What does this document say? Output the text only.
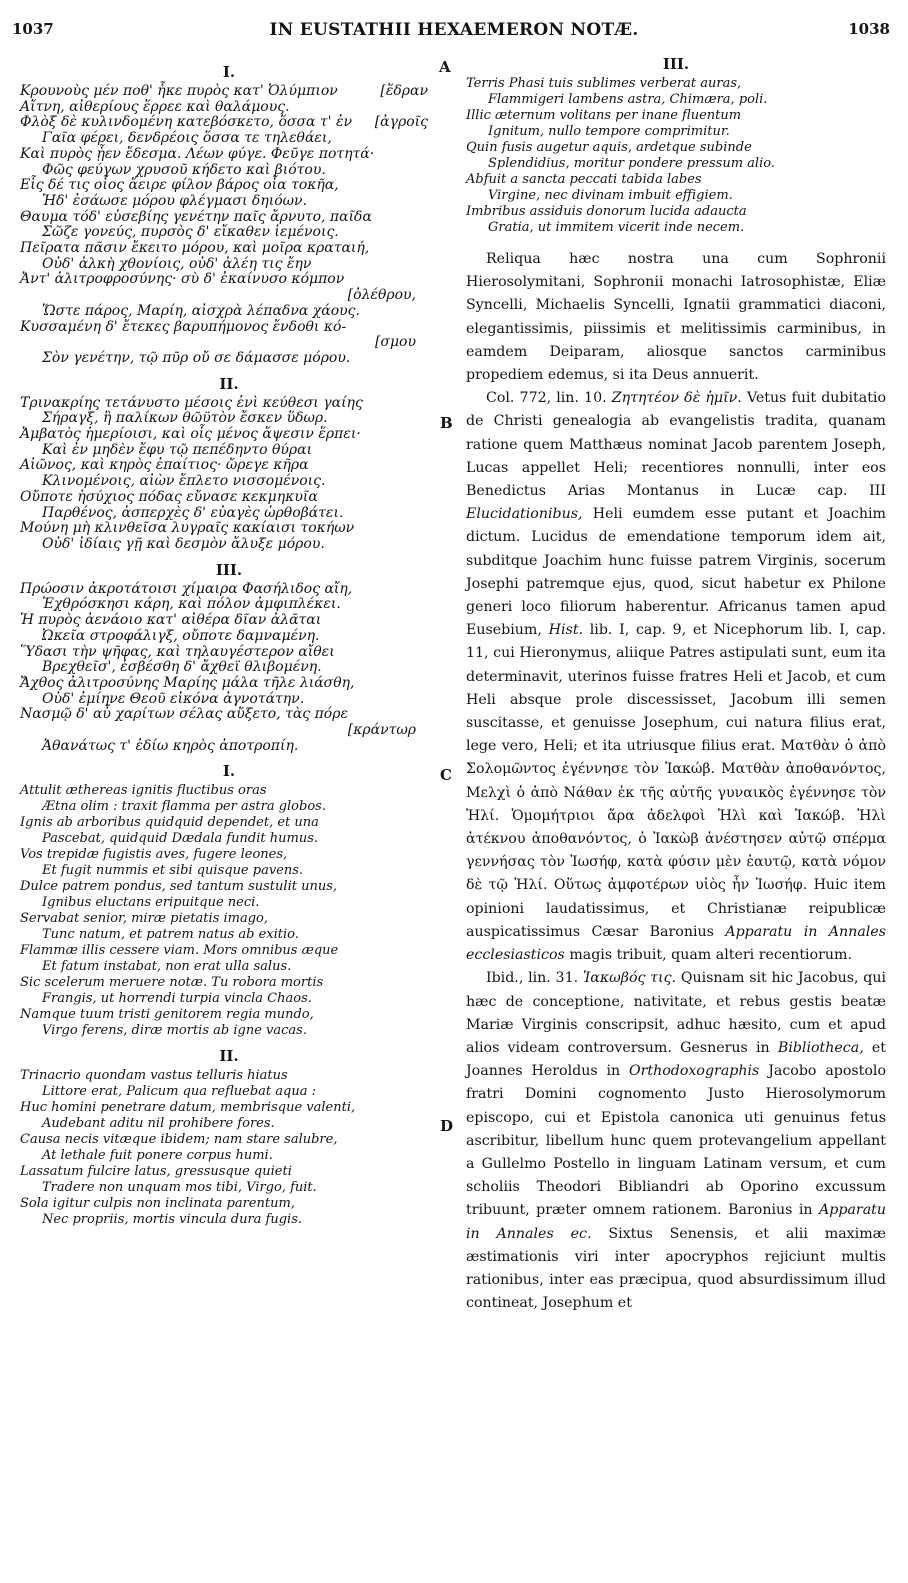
1037	IN EUSTATHII HEXAEMERON NOTÆ.	1038
A
B
C
D
I.
Κρουνοὺς μέν ποθ' ἧκε πυρὸς κατ' Ὀλύμπιον	[ἕδραν
Αἴτνη, αἰθερίους ἕρρεε καὶ θαλάμους.
Φλὸξ δὲ κυλινδομένη κατεβόσκετο, ὅσσα τ' ἐν [ἀγροῖς
Γαῖα φέρει, δενδρέοις ὅσσα τε τηλεθάει,
Καὶ πυρὸς ᾖεν ἔδεσμα. Λέων φύγε. Φεῦγε ποτητά·
Φῶς φεύγων χρυσοῦ κήδετο καὶ βιότου.
Εἷς δέ τις οἷος ἄειρε φίλον βάρος οἷα τοκῆα,
Ἠδ' ἐσάωσε μόρου φλέγμασι δηιόων.
Θαυμα τόδ' εὐσεβίης γενέτην παῖς ἄρνυτο, παῖδα
Σῶζε γονεύς, πυρσὸς δ' εἴκαθεν ἱεμένοις.
Πεῖρατα πᾶσιν ἔκειτο μόρου, καὶ μοῖρα κραταιή,
Οὐδ' ἀλκὴ χθονίοις, οὐδ' ἀλέη τις ἔην
Ἀντ' ἀλιτροφροσύνης· σὺ δ' ἐκαίνυσο κόμπον
[ὀλέθρου,
Ὥστε πάρος, Μαρίη, αἰσχρὰ λέπαδνα χάους.
Κυσσαμένη δ' ἔτεκες βαρυπήμονος ἔνδοθι κό-
[σμου
Σὸν γενέτην, τῷ πῦρ οὔ σε δάμασσε μόρου.
II.
Τρινακρίης τετάνυστο μέσοις ἐνὶ κεύθεσι γαίης
Σήραγξ, ἣ παλίκων θῶϋτὸν ἔσκεν ὕδωρ.
Ἀμβατὸς ἡμερίοισι, καὶ οἷς μένος ἄψεσιν ἕρπει·
Καὶ ἐν μηδὲν ἔφυ τῷ πεπέδηντο θύραι
Αἰῶνος, καὶ κηρὸς ἐπαίτιος· ὤρεγε κῆρα
Κλινομένοις, αἰὼν ἔπλετο νισσομένοις.
Οὔποτε ἡσύχιος πόδας εὔνασε κεκμηκυῖα
Παρθένος, ἀσπερχὲς δ' εὐαγὲς ὠρθοβάτει.
Μούνη μὴ κλινθεῖσα λυγραῖς κακίαισι τοκήων
Οὐδ' ἰδίαις γῇ καὶ δεσμὸν ἄλυξε μόρου.
III.
Πρώοσιν ἀκροτάτοισι χίμαιρα Φασήλιδος αἴη,
Ἐχθρόσκησι κάρη, καὶ πόλον ἀμφιπλέκει.
Ἡ πυρὸς ἀενάοιο κατ' αἰθέρα δῖαν ἀλᾶται
Ὠκεῖα στροφάλιγξ, οὔποτε δαμναμένη.
Ὕδασι τὴν ψῆφας, καὶ τηλαυγέστερον αἴθει
Βρεχθεῖσ', ἐσβέσθη δ' ἄχθεϊ θλιβομένη.
Ἄχθος ἀλιτροσύνης Μαρίης μάλα τῆλε λιάσθη,
Οὐδ' ἐμίηνε Θεοῦ εἰκόνα ἀγνοτάτην.
Νασμῷ δ' αὖ χαρίτων σέλας αὔξετο, τὰς πόρε
[κράντωρ
Ἀθανάτως τ' ἐδίω κηρὸς ἀποτροπίη.
I.
Attulit æthereas ignitis fluctibus oras
Ætna olim : traxit flamma per astra globos.
Ignis ab arboribus quidquid dependet, et una
Pascebat, quidquid Dædala fundit humus.
Vos trepidæ fugistis aves, fugere leones,
Et fugit nummis et sibi quisque pavens.
Dulce patrem pondus, sed tantum sustulit unus,
Ignibus eluctans eripuitque neci.
Servabat senior, miræ pietatis imago,
Tunc natum, et patrem natus ab exitio.
Flammæ illis cessere viam. Mors omnibus æque
Et fatum instabat, non erat ulla salus.
Sic scelerum meruere notæ. Tu robora mortis
Frangis, ut horrendi turpia vincla Chaos.
Namque tuum tristi genitorem regia mundo,
Virgo ferens, diræ mortis ab igne vacas.
II.
Trinacrio quondam vastus telluris hiatus
Littore erat, Palicum qua refluebat aqua :
Huc homini penetrare datum, membrisque valenti,
Audebant aditu nil prohibere fores.
Causa necis vitæque ibidem; nam stare salubre,
At lethale fuit ponere corpus humi.
Lassatum fulcire latus, gressusque quieti
Tradere non unquam mos tibi, Virgo, fuit.
Sola igitur culpis non inclinata parentum,
Nec propriis, mortis vincula dura fugis.
III.
Terris Phasi tuis sublimes verberat auras,
Flammigeri lambens astra, Chimæra, poli.
Illic æternum volitans per inane fluentum
Ignitum, nullo tempore comprimitur.
Quin fusis augetur aquis, ardetque subinde
Splendidius, moritur pondere pressum alio.
Abfuit a sancta peccati tabida labes
Virgine, nec divinam imbuit effigiem.
Imbribus assiduis donorum lucida adaucta
Gratia, ut immitem vicerit inde necem.

Reliqua hæc nostra una cum Sophronii Hierosolymitani, Sophronii monachi Iatrosophistæ, Eliæ Syncelli, Michaelis Syncelli, Ignatii grammatici diaconi, elegantissimis, piissimis et melitissimis carminibus, in eamdem Deiparam, aliosque sanctos carminibus propediem edemus, si ita Deus annuerit.

Col. 772, lin. 10. Ζητητέον δὲ ἡμῖν. Vetus fuit dubitatio de Christi genealogia ab evangelistis tradita, quanam ratione quem Matthæus nominat Jacob parentem Joseph, Lucas appellet Heli; recentiores nonnulli, inter eos Benedictus Arias Montanus in Lucæ cap. III Elucidationibus, Heli eumdem esse putant et Joachim dictum. Lucidus de emendatione temporum idem ait, subditque Joachim hunc fuisse patrem Virginis, socerum Josephi patremque ejus, quod, sicut habetur ex Philone generi loco filiorum haberentur. Africanus tamen apud Eusebium, Hist. lib. I, cap. 9, et Nicephorum lib. I, cap. 11, cui Hieronymus, aliique Patres astipulati sunt, eum ita determinavit, uterinos fuisse fratres Heli et Jacob, et cum Heli absque prole discessisset, Jacobum illi semen suscitasse, et genuisse Josephum, cui natura filius erat, lege vero, Heli; et ita utriusque filius erat. Ματθὰν ὁ ἀπὸ Σολομῶντος ἐγέννησε τὸν Ἰακώβ. Ματθὰν ἀποθανόντος, Μελχὶ ὁ ἀπὸ Νάθαν ἐκ τῆς αὐτῆς γυναικὸς ἐγέννησε τὸν Ἠλί. Ὁμομήτριοι ἄρα ἀδελφοὶ Ἠλὶ καὶ Ἰακώβ. Ἠλὶ ἀτέκνου ἀποθανόντος, ὁ Ἰακὼβ ἀνέστησεν αὐτῷ σπέρμα γεννήσας τὸν Ἰωσήφ, κατὰ φύσιν μὲν ἑαυτῷ, κατὰ νόμον δὲ τῷ Ἠλί. Οὕτως ἀμφοτέρων υἱὸς ἦν Ἰωσήφ. Huic item opinioni laudatissimus, et Christianæ reipublicæ auspicatissimus Cæsar Baronius Apparatu in Annales ecclesiasticos magis tribuit, quam alteri recentiorum.

Ibid., lin. 31. Ἰακωβός τις. Quisnam sit hic Jacobus, qui hæc de conceptione, nativitate, et rebus gestis beatæ Mariæ Virginis conscripsit, adhuc hæsito, cum et apud alios videam controversum. Gesnerus in Bibliotheca, et Joannes Heroldus in Orthodoxographis Jacobo apostolo fratri Domini cognomento Justo Hierosolymorum episcopo, cui et Epistola canonica uti genuinus fetus ascribitur, libellum hunc quem protevangelium appellant a Gullelmo Postello in linguam Latinam versum, et cum scholiis Theodori Bibliandri ab Oporino excussum tribuunt, præter omnem rationem. Baronius in Apparatu in Annales ec. Sixtus Senensis, et alii maximæ æstimationis viri inter apocryphos rejiciunt multis rationibus, inter eas præcipua, quod absurdissimum illud contineat, Josephum et
